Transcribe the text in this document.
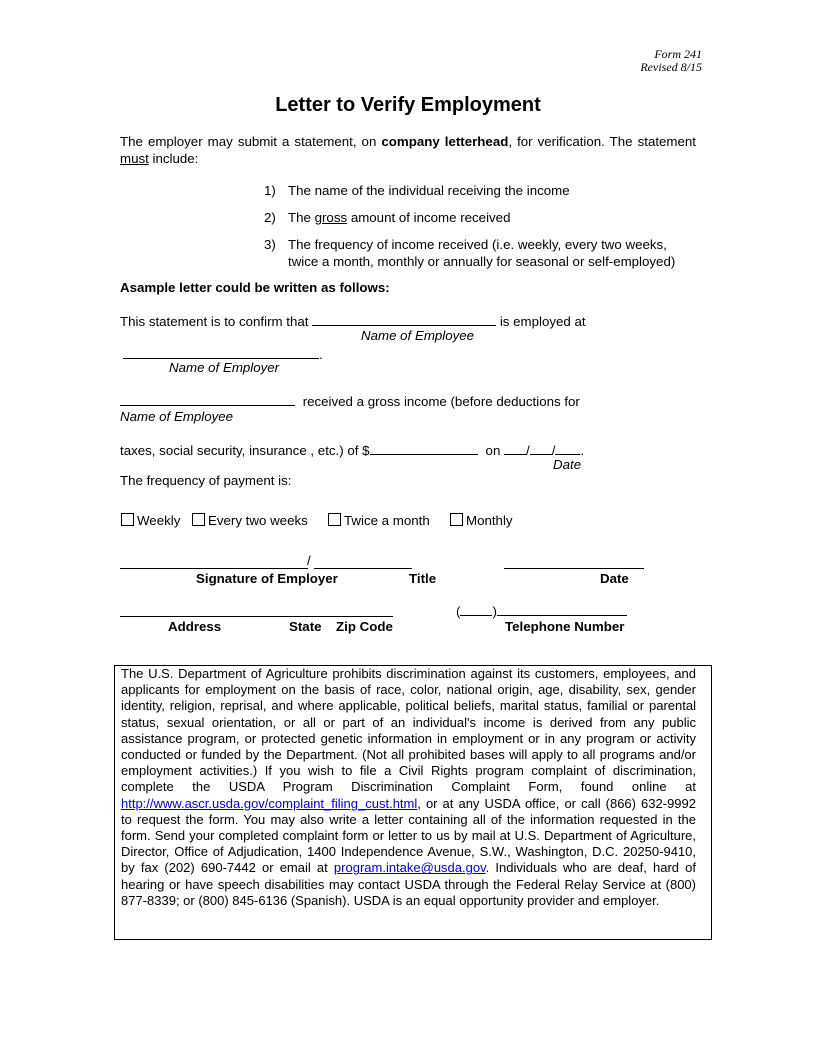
Form 241
Revised 8/15
Letter to Verify Employment
The employer may submit a statement, on company letterhead, for verification. The statement must include:
1) The name of the individual receiving the income
2) The gross amount of income received
3) The frequency of income received (i.e. weekly, every two weeks,
twice a month, monthly or annually for seasonal or self-employed)
Asample letter could be written as follows:
This statement is to confirm that	is employed at
Name of Employee
.
Name of Employer
received a gross income (before deductions for
Name of Employee
taxes, social security, insurance , etc.) of $	on / / .
Date
The frequency of payment is:
Weekly	Every two weeks	Twice a month	Monthly
/
Signature of Employer	Title	Date
( )
Address	State Zip Code	Telephone Number
The U.S. Department of Agriculture prohibits discrimination against its customers, employees, and applicants for employment on the basis of race, color, national origin, age, disability, sex, gender identity, religion, reprisal, and where applicable, political beliefs, marital status, familial or parental status, sexual orientation, or all or part of an individual's income is derived from any public assistance program, or protected genetic information in employment or in any program or activity conducted or funded by the Department. (Not all prohibited bases will apply to all programs and/or employment activities.) If you wish to file a Civil Rights program complaint of discrimination, complete the USDA Program Discrimination Complaint Form, found online at http://www.ascr.usda.gov/complaint_filing_cust.html, or at any USDA office, or call (866) 632-9992 to request the form. You may also write a letter containing all of the information requested in the form. Send your completed complaint form or letter to us by mail at U.S. Department of Agriculture, Director, Office of Adjudication, 1400 Independence Avenue, S.W., Washington, D.C. 20250-9410, by fax (202) 690-7442 or email at program.intake@usda.gov. Individuals who are deaf, hard of hearing or have speech disabilities may contact USDA through the Federal Relay Service at (800) 877-8339; or (800) 845-6136 (Spanish). USDA is an equal opportunity provider and employer.
